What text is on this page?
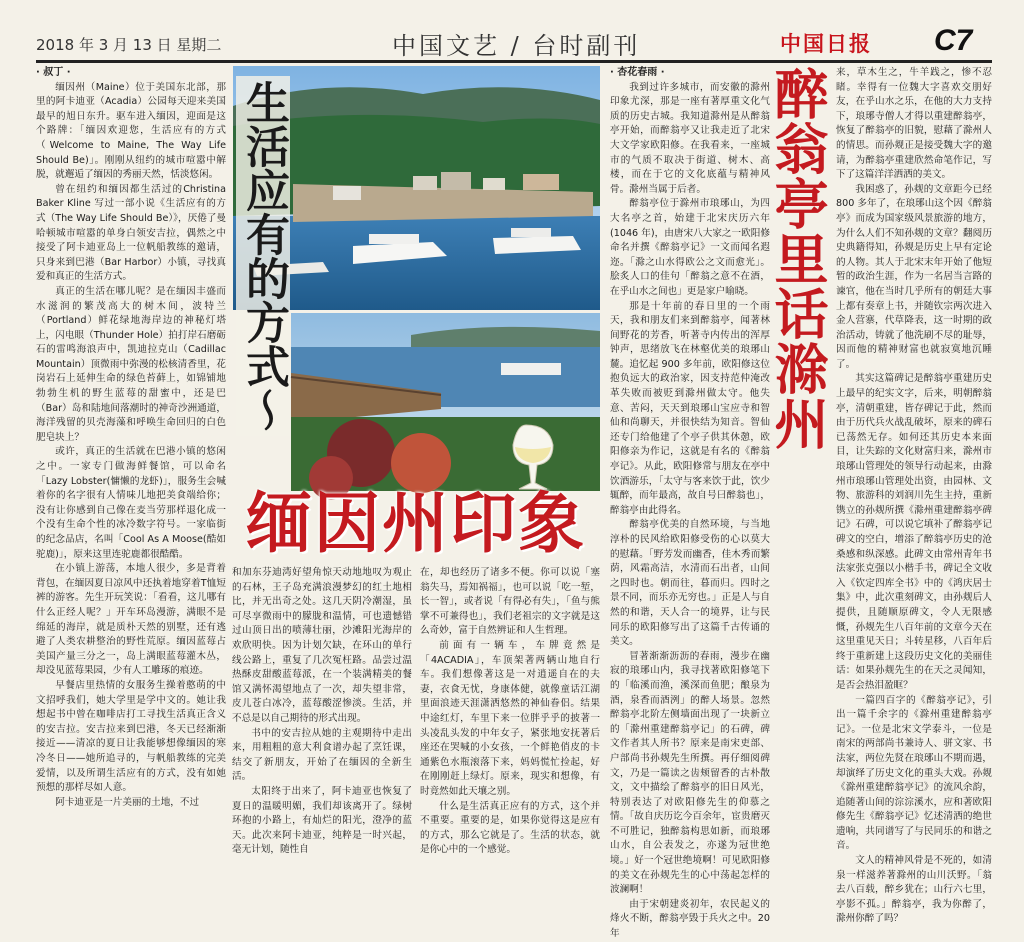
2018 年 3 月 13 日 星期二	中国文艺 / 台时副刊	中国日报 C7

· 叔丁 ·

缅因州（Maine）位于美国东北部，那里的阿卡迪亚（Acadia）公园每天迎来美国最早的旭日东升。驱车进入缅因，迎面是这个路牌：「缅因欢迎您，生活应有的方式（Welcome to Maine, The Way Life Should Be)」。刚刚从纽约的城市喧嚣中解脱，就邂逅了缅因的秀丽天然，恬淡悠闲。

曾在纽约和缅因都生活过的Christina Baker Kline 写过一部小说《生活应有的方式（The Way Life Should Be）》，厌倦了曼哈顿城市喧嚣的单身白领安吉拉，偶然之中接受了阿卡迪亚岛上一位帆船教练的邀请，只身来到巴港（Bar Harbor）小镇，寻找真爱和真正的生活方式。

真正的生活在哪儿呢？是在缅因丰盛而水滋润的繁茂高大的树木间，波特兰（Portland）鲜花绿地海岸边的神秘灯塔上，闪电眼（Thunder Hole）拍打岸石磨砺石的雷鸣海浪声中，凯迪拉克山（Cadillac Mountain）顶微雨中弥漫的松核清香里，花岗岩石上延伸生命的绿色苔藓上，如锦铺地勃勃生机的野生蓝莓的甜蜜中，还是巴（Bar）岛和陆地间落潮时的神奇沙洲通道，海洋残留的贝壳海藻和呼唤生命回归的白色肥皂块上？

或许，真正的生活就在巴港小镇的悠闲之中。一家专门做海鲜餐馆，可以命名「Lazy Lobster(慵懒的龙虾)」，服务生会喊着你的名字很有人情味儿地把美食端给你；没有让你感到自己像在麦当劳那样退化成一个没有生命个性的冰冷数字符号。一家临街的纪念品店，名叫「Cool As A Moose(酷如驼鹿)」，原来这里连驼鹿都很酷酷。

在小镇上游荡，本地人很少，多是背着背包，在缅因夏日凉风中还执着地穿着T恤短裤的游客。先生开玩笑说：「看看，这儿哪有什么正经人呢？」开车环岛漫游，满眼不是绵延的海岸，就是质朴天然的别墅，还有逃避了人类农耕整治的野性荒原。缅因蓝莓占美国产量三分之一，岛上满眼蓝莓灌木丛，却没见蓝莓果园，少有人工雕琢的痕迹。

早餐店里热情的女服务生操着憨萌的中文招呼我们，她大学里是学中文的。她让我想起书中曾在咖啡店打工寻找生活真正含义的安吉拉。安吉拉来到巴港，冬天已经渐渐接近——清凉的夏日让我能够想像缅因的寒冷冬日——她所追寻的，与帆船教练的完美爱情，以及所谓生活应有的方式，没有如她预想的那样尽如人意。

阿卡迪亚是一片美丽的土地，不过

生活应有的方式～
缅因州印象

和加东芬迪湾好望角惊天动地地叹为观止的石林，王子岛充满浪漫梦幻的红土地相比，并无出奇之处。这几天阴冷潮湿，虽可尽享微雨中的朦胧和温情，可也遗憾错过山顶日出的喷薄壮丽，沙滩阳光海岸的欢欣明快。因为计划欠缺，在环山的单行线公路上，重复了几次冤枉路。品尝过温热酥皮甜酸蓝莓派，在一个装满精美的餐馆又满怀渴望地点了一次，却失望非常，皮儿苍白冰冷，蓝莓酸涩惨淡。生活，并不总是以自己期待的形式出现。

书中的安吉拉从她的主观期待中走出来，用粗粗的意大利食谱办起了烹饪课，结交了新朋友，开始了在缅因的全新生活。

太阳终于出来了，阿卡迪亚也恢复了夏日的温暖明媚，我们却该离开了。绿树环抱的小路上，有灿烂的阳光，澄净的蓝天。此次来阿卡迪亚，纯粹是一时兴起，毫无计划，随性自

在，却也经历了诸多不便。你可以说「塞翁失马，焉知祸福」，也可以说「吃一堑，长一智」，或者说「有得必有失」，「鱼与熊掌不可兼得也」，我们老祖宗的文字就是这么奇妙，富于自然辨证和人生哲理。

前面有一辆车，车牌竟然是「4ACADIA」，车顶架著两辆山地自行车。我们想像著这是一对逍遥自在的夫妻，衣食无忧，身康体健，就像童话江湖里面浪迹天涯潇洒悠然的神仙眷侣。结果中途红灯，车里下来一位胖乎乎的披著一头凌乱头发的中年女子，紧张地安抚著后座还在哭喊的小女孩，一个鲜艳俏皮的卡通紫色水瓶滚落下来，妈妈慌忙捡起，好在刚刚赶上绿灯。原来，现实和想像，有时竟然如此天壤之别。

什么是生活真正应有的方式，这个并不重要。重要的是，如果你觉得这是应有的方式，那么它就是了。生活的状态，就是你心中的一个感觉。

· 杏花春雨 ·

我到过许多城市，而安徽的滁州印象尤深，那是一座有著厚重文化气质的历史古城。我知道滁州是从醉翁亭开始，而醉翁亭又让我走近了北宋大文学家欧阳修。在我看来，一座城市的气质不取决于街道、树木、高楼，而在于它的文化底蕴与精神风骨。滁州当属于后者。

醉翁亭位于滁州市琅琊山，为四大名亭之首，始建于北宋庆历六年(1046 年)，由唐宋八大家之一欧阳修命名并撰《醉翁亭记》一文而闻名遐迩。「滁之山水得欧公之文而愈光」。脍炙人口的佳句「醉翁之意不在酒，在乎山水之间也」更是家户喻晓。

那是十年前的春日里的一个雨天，我和朋友们来到醉翁亭，闻著林间野花的芳香，听著寺内传出的浑厚钟声，思绪放飞在林壑优美的琅琊山麓。追忆起 900 多年前，欧阳修这位抱负远大的政治家，因支持范仲淹改革失败而被贬到滁州做太守。他失意、苦闷，天天到琅琊山宝应寺和智仙和尚聊天，并很快结为知音。智仙还专门给他建了个亭子供其休憩，欧阳修亲为作记，这就是有名的《醉翁亭记》。从此，欧阳修常与朋友在亭中饮酒游乐，「太守与客来饮于此，饮少辄醉，而年最高，故自号曰醉翁也」，醉翁亭由此得名。

醉翁亭优美的自然环境，与当地淳朴的民风给欧阳修受伤的心以莫大的慰藉。「野芳发而幽香，佳木秀而繁荫，风霜高洁，水清而石出者，山间之四时也。朝而往，暮而归。四时之景不同，而乐亦无穷也。」正是人与自然的和谐，天人合一的境界，让与民同乐的欧阳修写出了这篇千古传诵的美文。

冒著渐渐沥沥的春雨，漫步在幽寂的琅琊山内，我寻找著欧阳修笔下的「临溪而渔，溪深而鱼肥；酿泉为酒，泉香而酒洌」的醉人场景。忽然醉翁亭北阶左侧墙面出现了一块新立的「滁州重建醉翁亭记」的石碑，碑文作者其人所书？原来是南宋吏部、户部尚书孙觌先生所撰。再仔细阅碑文，乃是一篇读之齿颊留香的古朴散文，文中描绘了醉翁亭的旧日风光，特别表达了对欧阳修先生的仰慕之情。「故自庆历讫今百余年，宦贵磨灭不可胜记，独醉翁构思如新，而琅琊山水，自公表发之，亦遂为冠世绝境。」好一个冠世绝境啊！可见欧阳修的美文在孙觌先生的心中荡起怎样的波澜啊！

由于宋朝建炎初年，农民起义的烽火不断，醉翁亭毁于兵火之中。20 年

醉翁亭里话滁州 来，草木生之，牛羊践之，惨不忍睹。幸得有一位魏大字喜欢交朋好友，在乎山水之乐，在他的大力支持下，琅琊寺僧人才得以重建醉翁亭，恢复了醉翁亭的旧貌，慰藉了滁州人的情思。而孙觌正是接受魏大字的邀请，为醉翁亭重建欣然命笔作记，写下了这篇洋洋洒洒的美文。

我困惑了，孙觌的文章距今已经 800 多年了，在琅琊山这个因《醉翁亭》而成为国家级风景旅游的地方，为什么人们不知孙觌的文章？翻阅历史典籍得知，孙觌是历史上早有定论的人物。其人于北宋末年开始了他短暂的政治生涯，作为一名居当言路的谏官，他在当时几乎所有的朝廷大事上都有奏章上书，并随钦宗两次进入金人营寨，代草降表，这一时期的政治活动，铸就了他洗刷不尽的耻辱，因而他的精神财富也就寂寞地沉睡了。

其实这篇碑记是醉翁亭重建历史上最早的纪实文字，后来，明朝醉翁亭，清朝重建，皆存碑记于此，然而由于历代兵火战乱破坏，原来的碑石已荡然无存。如何还其历史本来面目，让失踪的文化财富归来，滁州市琅琊山管理处的领导行动起来，由滁州市琅琊山管理处出资，由园林、文物、旅游科的刘润川先生主持，重新镌立的孙觌所撰《滁州重建醉翁亭碑记》石碑，可以说它填补了醉翁亭记碑文的空白，增添了醉翁亭历史的沧桑感和纵深感。此碑文由常州青年书法家张克强以小楷手书，碑记全文收入《钦定四库全书》中的《鸿庆居士集》中，此次重刻碑文，由孙觌后人提供，且随顺原碑文，令人无限感慨，孙觌先生八百年前的文章今天在这里重见天日；斗转星移，八百年后终于重新建上这段历史文化的美丽佳话：如果孙觌先生的在天之灵闻知，是否会热泪盈眶？

一篇四百字的《醉翁亭记》，引出一篇千余字的《滁州重建醉翁亭记》。一位是北宋文学泰斗，一位是南宋的两部尚书兼诗人、骈文家、书法家，两位先贤在琅琊山不期而遇，却演绎了历史文化的重头大戏。孙觌《滁州重建醉翁亭记》的流风余韵，追随著山间的淙淙溪水，应和著欧阳修先生《醉翁亭记》忆述清洒的绝世遗响，共同谱写了与民同乐的和谐之音。

文人的精神风骨是不死的，如清泉一样滋养著滁州的山川沃野。「翁去八百载，醉乡犹在；山行六七里，亭影不孤。」醉翁亭，我为你醉了，滁州你醉了吗？
